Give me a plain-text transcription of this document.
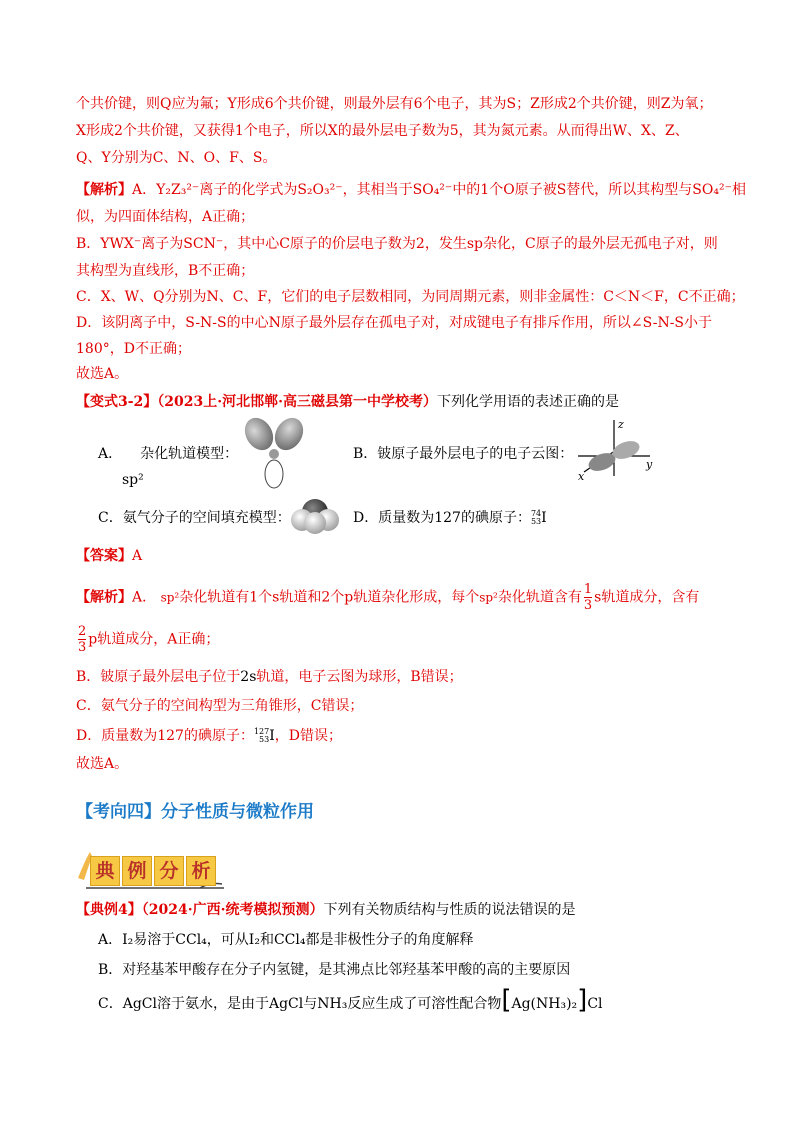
个共价键，则Q应为氟；Y形成6个共价键，则最外层有6个电子，其为S；Z形成2个共价键，则Z为氧；
X形成2个共价键，又获得1个电子，所以X的最外层电子数为5，其为氮元素。从而得出W、X、Z、
Q、Y分别为C、N、O、F、S。
【解析】A．Y₂Z₃²⁻离子的化学式为S₂O₃²⁻，其相当于SO₄²⁻中的1个O原子被S替代，所以其构型与SO₄²⁻相
似，为四面体结构，A正确；
B．YWX⁻离子为SCN⁻，其中心C原子的价层电子数为2，发生sp杂化，C原子的最外层无孤电子对，则
其构型为直线形，B不正确；
C．X、W、Q分别为N、C、F，它们的电子层数相同，为同周期元素，则非金属性：C＜N＜F，C不正确；
D．该阴离子中，S-N-S的中心N原子最外层存在孤电子对，对成键电子有排斥作用，所以∠S-N-S小于
180°，D不正确；
故选A。
【变式3-2】（2023上·河北邯郸·高三磁县第一中学校考）下列化学用语的表述正确的是
A． 杂化轨道模型：
sp²
B．铍原子最外层电子的电子云图：
z
y
x
C．氨气分子的空间填充模型：	D．质量数为127的碘原子： 74
53 I
【答案】A
【解析】A． sp²杂化轨道有1个s轨道和2个p轨道杂化形成，每个sp²杂化轨道含有 $\frac{1}{3}$ s轨道成分，含有
$\frac{2}{3}$ p轨道成分，A正确；
B．铍原子最外层电子位于2s轨道，电子云图为球形，B错误；
C．氨气分子的空间构型为三角锥形，C错误；
D．质量数为127的碘原子： 127
53 I，D错误；
故选A。
【考向四】分子性质与微粒作用
典 例 分 析
【典例4】（2024·广西·统考模拟预测）下列有关物质结构与性质的说法错误的是
A．I₂易溶于CCl₄，可从I₂和CCl₄都是非极性分子的角度解释
B．对羟基苯甲酸存在分子内氢键，是其沸点比邻羟基苯甲酸的高的主要原因
C．AgCl溶于氨水，是由于AgCl与NH₃反应生成了可溶性配合物[Ag(NH₃)₂]Cl
